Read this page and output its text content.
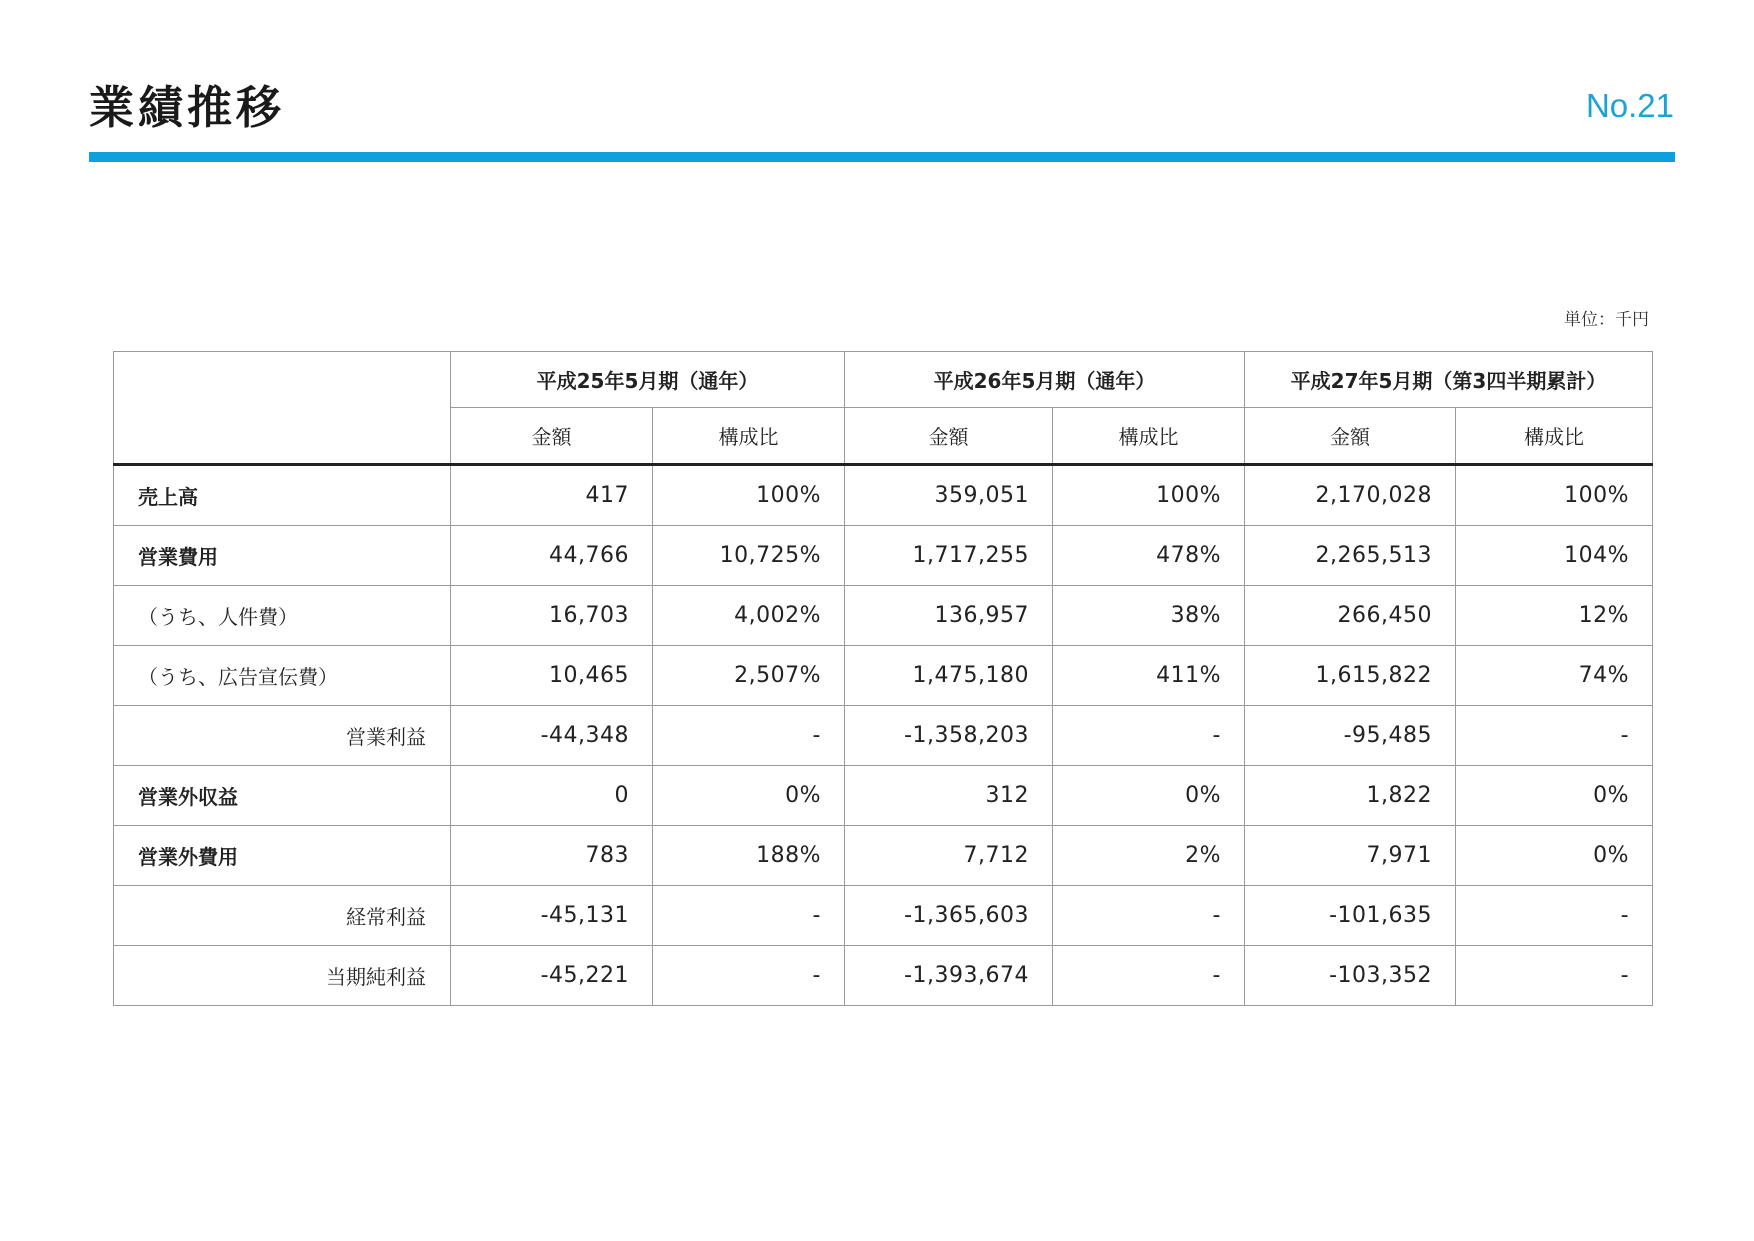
業績推移	No.21
単位：千円
	平成25年5月期（通年）		平成26年5月期（通年）		平成27年5月期（第3四半期累計）	
	金額	構成比	金額	構成比	金額	構成比
売上高	417	100%	359,051	100%	2,170,028	100%
営業費用	44,766	10,725%	1,717,255	478%	2,265,513	104%
（うち、人件費）	16,703	4,002%	136,957	38%	266,450	12%
（うち、広告宣伝費）	10,465	2,507%	1,475,180	411%	1,615,822	74%
営業利益	-44,348	-	-1,358,203	-	-95,485	-
営業外収益	0	0%	312	0%	1,822	0%
営業外費用	783	188%	7,712	2%	7,971	0%
経常利益	-45,131	-	-1,365,603	-	-101,635	-
当期純利益	-45,221	-	-1,393,674	-	-103,352	-
